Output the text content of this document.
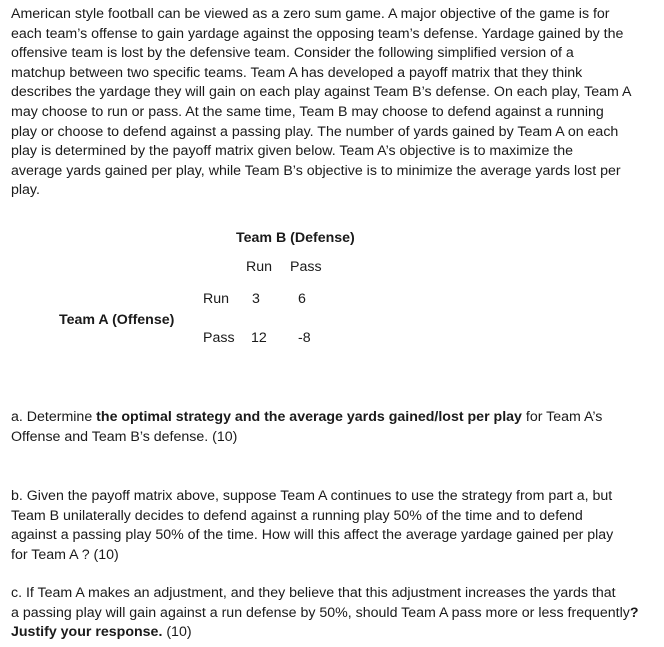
American style football can be viewed as a zero sum game. A major objective of the game is for
each team’s offense to gain yardage against the opposing team’s defense. Yardage gained by the
offensive team is lost by the defensive team. Consider the following simplified version of a
matchup between two specific teams. Team A has developed a payoff matrix that they think
describes the yardage they will gain on each play against Team B’s defense. On each play, Team A
may choose to run or pass. At the same time, Team B may choose to defend against a running
play or choose to defend against a passing play. The number of yards gained by Team A on each
play is determined by the payoff matrix given below. Team A’s objective is to maximize the
average yards gained per play, while Team B’s objective is to minimize the average yards lost per
play.
Team B (Defense)
Run Pass
Team A (Offense)
Run
Pass
3	6
12 -8
a. Determine the optimal strategy and the average yards gained/lost per play for Team A’s
Offense and Team B’s defense. (10)
b. Given the payoff matrix above, suppose Team A continues to use the strategy from part a, but
Team B unilaterally decides to defend against a running play 50% of the time and to defend
against a passing play 50% of the time. How will this affect the average yardage gained per play
for Team A ? (10)
c. If Team A makes an adjustment, and they believe that this adjustment increases the yards that
a passing play will gain against a run defense by 50%, should Team A pass more or less frequently?
Justify your response. (10)
